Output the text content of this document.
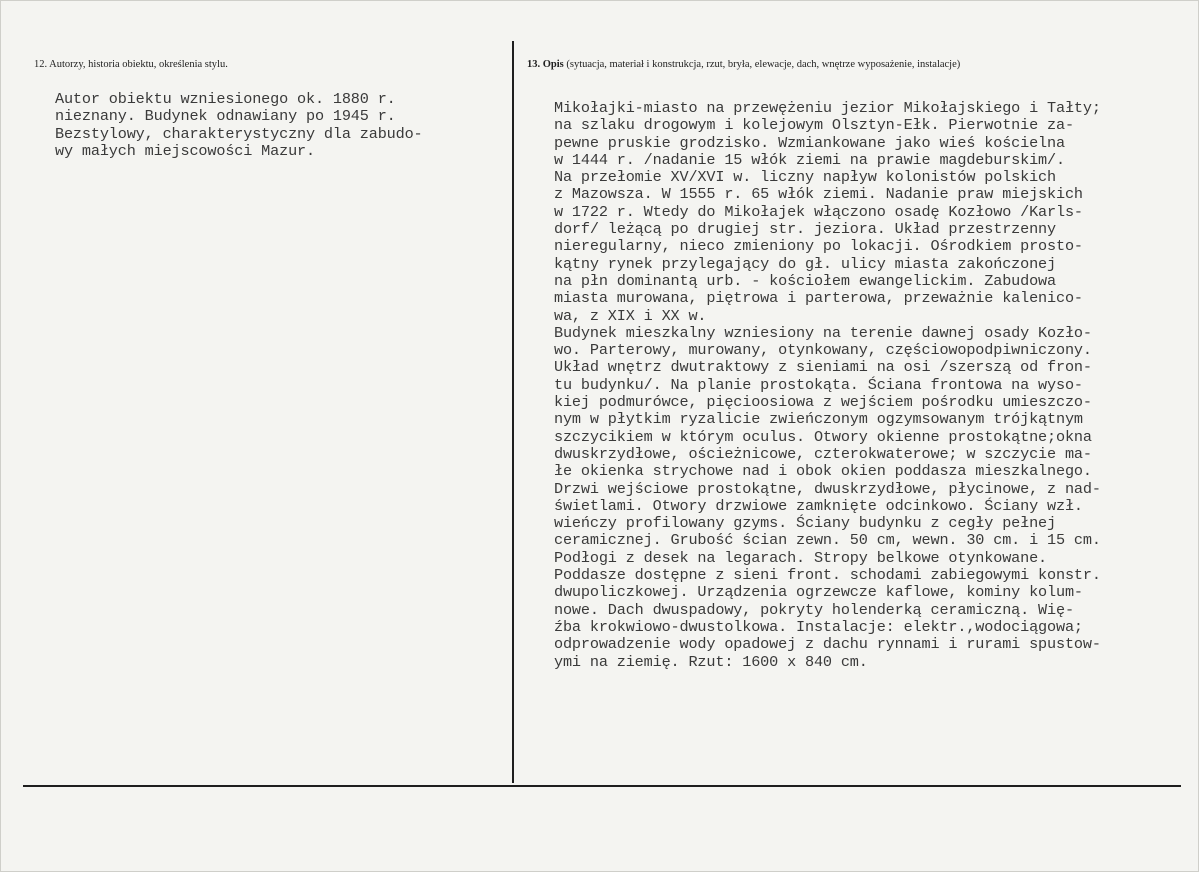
12. Autorzy, historia obiektu, określenia stylu.	13. Opis (sytuacja, materiał i konstrukcja, rzut, bryła, elewacje, dach, wnętrze wyposażenie, instalacje)
Autor obiektu wzniesionego ok. 1880 r.
nieznany. Budynek odnawiany po 1945 r.
Bezstylowy, charakterystyczny dla zabudo-
wy małych miejscowości Mazur.
Mikołajki-miasto na przewężeniu jezior Mikołajskiego i Tałty;
na szlaku drogowym i kolejowym Olsztyn-Ełk. Pierwotnie za-
pewne pruskie grodzisko. Wzmiankowane jako wieś kościelna
w 1444 r. /nadanie 15 włók ziemi na prawie magdeburskim/.
Na przełomie XV/XVI w. liczny napływ kolonistów polskich
z Mazowsza. W 1555 r. 65 włók ziemi. Nadanie praw miejskich
w 1722 r. Wtedy do Mikołajek włączono osadę Kozłowo /Karls-
dorf/ leżącą po drugiej str. jeziora. Układ przestrzenny
nieregularny, nieco zmieniony po lokacji. Ośrodkiem prosto-
kątny rynek przylegający do gł. ulicy miasta zakończonej
na płn dominantą urb. - kościołem ewangelickim. Zabudowa
miasta murowana, piętrowa i parterowa, przeważnie kalenico-
wa, z XIX i XX w.
Budynek mieszkalny wzniesiony na terenie dawnej osady Kozło-
wo. Parterowy, murowany, otynkowany, częściowopodpiwniczony.
Układ wnętrz dwutraktowy z sieniami na osi /szerszą od fron-
tu budynku/. Na planie prostokąta. Ściana frontowa na wyso-
kiej podmurówce, pięcioosiowa z wejściem pośrodku umieszczo-
nym w płytkim ryzalicie zwieńczonym ogzymsowanym trójkątnym
szczycikiem w którym oculus. Otwory okienne prostokątne;okna
dwuskrzydłowe, ościeżnicowe, czterokwaterowe; w szczycie ma-
łe okienka strychowe nad i obok okien poddasza mieszkalnego.
Drzwi wejściowe prostokątne, dwuskrzydłowe, płycinowe, z nad-
świetlami. Otwory drzwiowe zamknięte odcinkowo. Ściany wzł.
wieńczy profilowany gzyms. Ściany budynku z cegły pełnej
ceramicznej. Grubość ścian zewn. 50 cm, wewn. 30 cm. i 15 cm.
Podłogi z desek na legarach. Stropy belkowe otynkowane.
Poddasze dostępne z sieni front. schodami zabiegowymi konstr.
dwupoliczkowej. Urządzenia ogrzewcze kaflowe, kominy kolum-
nowe. Dach dwuspadowy, pokryty holenderką ceramiczną. Wię-
źba krokwiowo-dwustolkowa. Instalacje: elektr.,wodociągowa;
odprowadzenie wody opadowej z dachu rynnami i rurami spustow-
ymi na ziemię. Rzut: 1600 x 840 cm.
